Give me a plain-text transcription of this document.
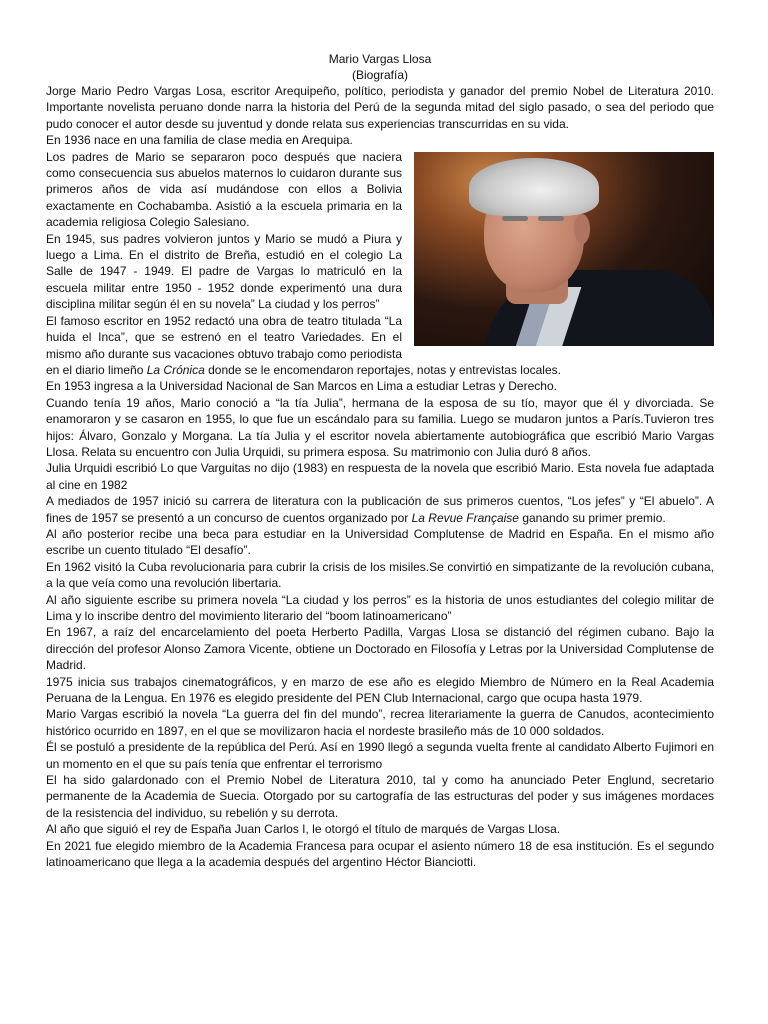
Mario Vargas Llosa
(Biografía)

Jorge Mario Pedro Vargas Losa, escritor Arequipeño, político, periodista y ganador del premio Nobel de Literatura 2010. Importante novelista peruano donde narra la historia del Perú de la segunda mitad del siglo pasado, o sea del periodo que pudo conocer el autor desde su juventud y donde relata sus experiencias transcurridas en su vida.

En 1936 nace en una familia de clase media en Arequipa.

Los padres de Mario se separaron poco después que naciera como consecuencia sus abuelos maternos lo cuidaron durante sus primeros años de vida así mudándose con ellos a Bolivia exactamente en Cochabamba. Asistió a la escuela primaria en la academia religiosa Colegio Salesiano.

En 1945, sus padres volvieron juntos y Mario se mudó a Piura y luego a Lima. En el distrito de Breña, estudió en el colegio La Salle de 1947 - 1949. El padre de Vargas lo matriculó en la escuela militar entre 1950 - 1952 donde experimentó una dura disciplina militar según él en su novela” La ciudad y los perros”

El famoso escritor en 1952 redactó una obra de teatro titulada “La huida el Inca”, que se estrenó en el teatro Variedades. En el mismo año durante sus vacaciones obtuvo trabajo como periodista en el diario limeño La Crónica donde se le encomendaron reportajes, notas y entrevistas locales.

En 1953 ingresa a la Universidad Nacional de San Marcos en Lima a estudiar Letras y Derecho.

Cuando tenía 19 años, Mario conoció a “la tía Julia”, hermana de la esposa de su tío, mayor que él y divorciada. Se enamoraron y se casaron en 1955, lo que fue un escándalo para su familia. Luego se mudaron juntos a París.Tuvieron tres hijos: Álvaro, Gonzalo y Morgana. La tía Julia y el escritor novela abiertamente autobiográfica que escribió Mario Vargas Llosa. Relata su encuentro con Julia Urquidi, su primera esposa. Su matrimonio con Julia duró 8 años.

Julia Urquidi escribió Lo que Varguitas no dijo (1983) en respuesta de la novela que escribió Mario. Esta novela fue adaptada al cine en 1982

A mediados de 1957 inició su carrera de literatura con la publicación de sus primeros cuentos, “Los jefes” y “El abuelo”. A fines de 1957 se presentó a un concurso de cuentos organizado por La Revue Française ganando su primer premio.

Al año posterior recibe una beca para estudiar en la Universidad Complutense de Madrid en España. En el mismo año escribe un cuento titulado “El desafío”.

En 1962 visitó la Cuba revolucionaria para cubrir la crisis de los misiles.Se convirtió en simpatizante de la revolución cubana, a la que veía como una revolución libertaria.

Al año siguiente escribe su primera novela “La ciudad y los perros” es la historia de unos estudiantes del colegio militar de Lima y lo inscribe dentro del movimiento literario del “boom latinoamericano”

En 1967, a raíz del encarcelamiento del poeta Herberto Padilla, Vargas Llosa se distanció del régimen cubano. Bajo la dirección del profesor Alonso Zamora Vicente, obtiene un Doctorado en Filosofía y Letras por la Universidad Complutense de Madrid.

1975 inicia sus trabajos cinematográficos, y en marzo de ese año es elegido Miembro de Número en la Real Academia Peruana de la Lengua. En 1976 es elegido presidente del PEN Club Internacional, cargo que ocupa hasta 1979.

Mario Vargas escribió la novela “La guerra del fin del mundo”, recrea literariamente la guerra de Canudos, acontecimiento histórico ocurrido en 1897, en el que se movilizaron hacia el nordeste brasileño más de 10 000 soldados.

Él se postuló a presidente de la república del Perú. Así en 1990 llegó a segunda vuelta frente al candidato Alberto Fujimori en un momento en el que su país tenía que enfrentar el terrorismo

El ha sido galardonado con el Premio Nobel de Literatura 2010, tal y como ha anunciado Peter Englund, secretario permanente de la Academia de Suecia. Otorgado por su cartografía de las estructuras del poder y sus imágenes mordaces de la resistencia del individuo, su rebelión y su derrota.

Al año que siguió el rey de España Juan Carlos I, le otorgó el título de marqués de Vargas Llosa.

En 2021 fue elegido miembro de la Academia Francesa para ocupar el asiento número 18 de esa institución. Es el segundo latinoamericano que llega a la academia después del argentino Héctor Bianciotti.
